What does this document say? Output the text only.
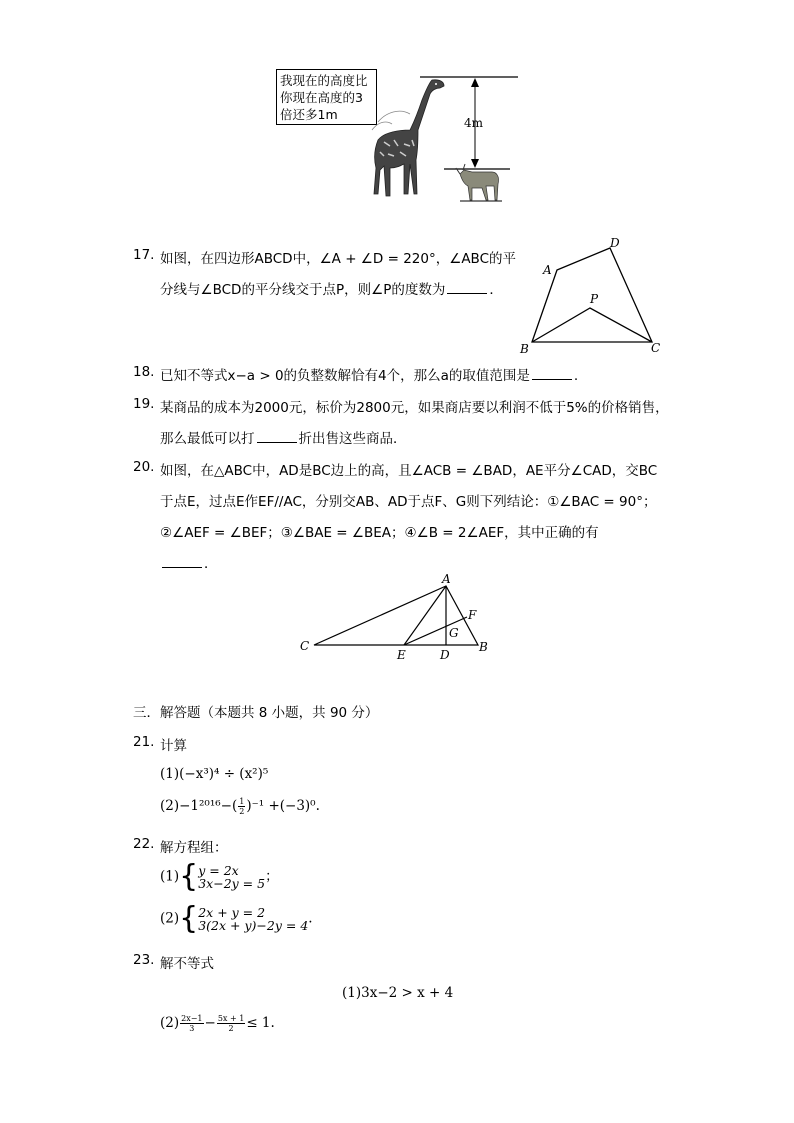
我现在的高度比
你现在高度的3
倍还多1m
4m
17. 如图，在四边形ABCD中，∠A + ∠D = 220°，∠ABC的平
分线与∠BCD的平分线交于点P，则∠P的度数为	．
A
D
P
B	C
18. 已知不等式x−a > 0的负整数解恰有4个，那么a的取值范围是	.
19. 某商品的成本为2000元，标价为2800元，如果商店要以利润不低于5%的价格销售，
那么最低可以打	折出售这些商品．
20. 如图，在△ABC中，AD是BC边上的高，且∠ACB = ∠BAD，AE平分∠CAD，交BC
于点E，过点E作EF//AC，分别交AB、AD于点F、G则下列结论：①∠BAC = 90°；
②∠AEF = ∠BEF；③∠BAE = ∠BEA；④∠B = 2∠AEF，其中正确的有
．
A
F
G
C
E	D
B
三．解答题（本题共 8 小题，共 90 分）
21. 计算
(1)(−x³)⁴ ÷ (x²)⁵
$(2)-1^{2016}-( \frac{1}{2} )^{-1} +(-3)^0$.
22. 解方程组：
(1){ y = 2x
3x−2y = 5 ；
(2){ 2x + y = 2
3(2x + y)−2y = 4 .
23. 解不等式
(1)3x−2 > x + 4
$(2) \frac{2x-1}{3} - \frac{5x + 1}{2} \le 1$.
